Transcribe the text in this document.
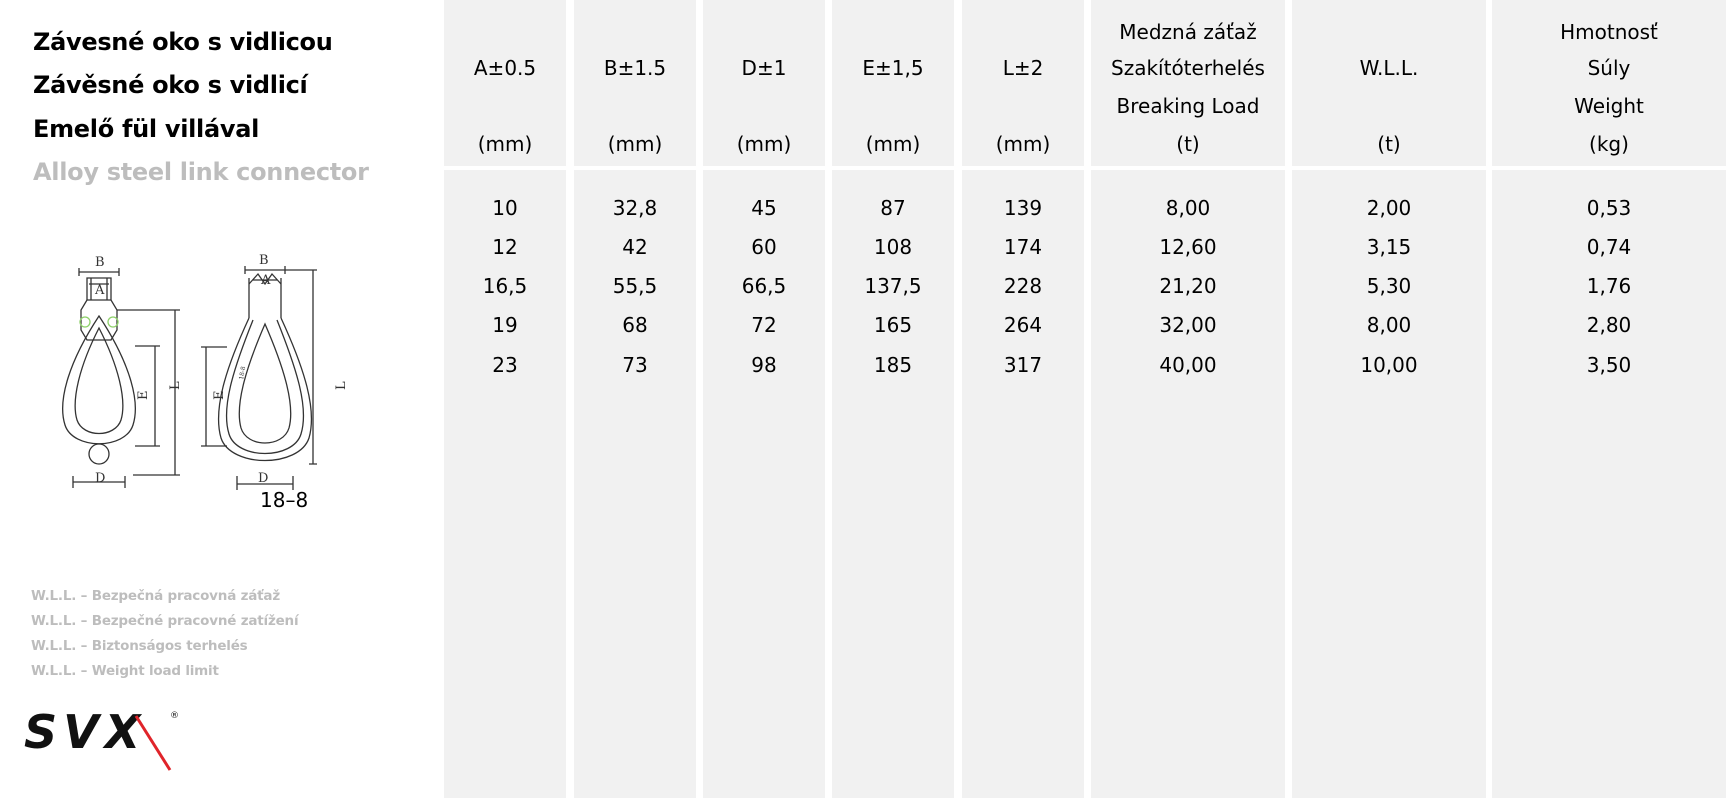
Závesné oko s vidlicou
Závěsné oko s vidlicí
Emelő fül villával
Alloy steel link connector
B
A
D
E
L
B
A
D
E
L
18-8
18–8
W.L.L. – Bezpečná pracovná záťaž
W.L.L. – Bezpečné pracovné zatížení
W.L.L. – Biztonságos terhelés
W.L.L. – Weight load limit
SVX	®
A±0.5
(mm)
10
12
16,5
19
23
B±1.5
(mm)
32,8
42
55,5
68
73
D±1
(mm)
45
60
66,5
72
98
E±1,5
(mm)
87
108
137,5
165
185
L±2
(mm)
139
174
228
264
317
Medzná záťaž
Szakítóterhelés
Breaking Load
(t)
8,00
12,60
21,20
32,00
40,00
W.L.L.
(t)
2,00
3,15
5,30
8,00
10,00
Hmotnosť
Súly
Weight
(kg)
0,53
0,74
1,76
2,80
3,50
